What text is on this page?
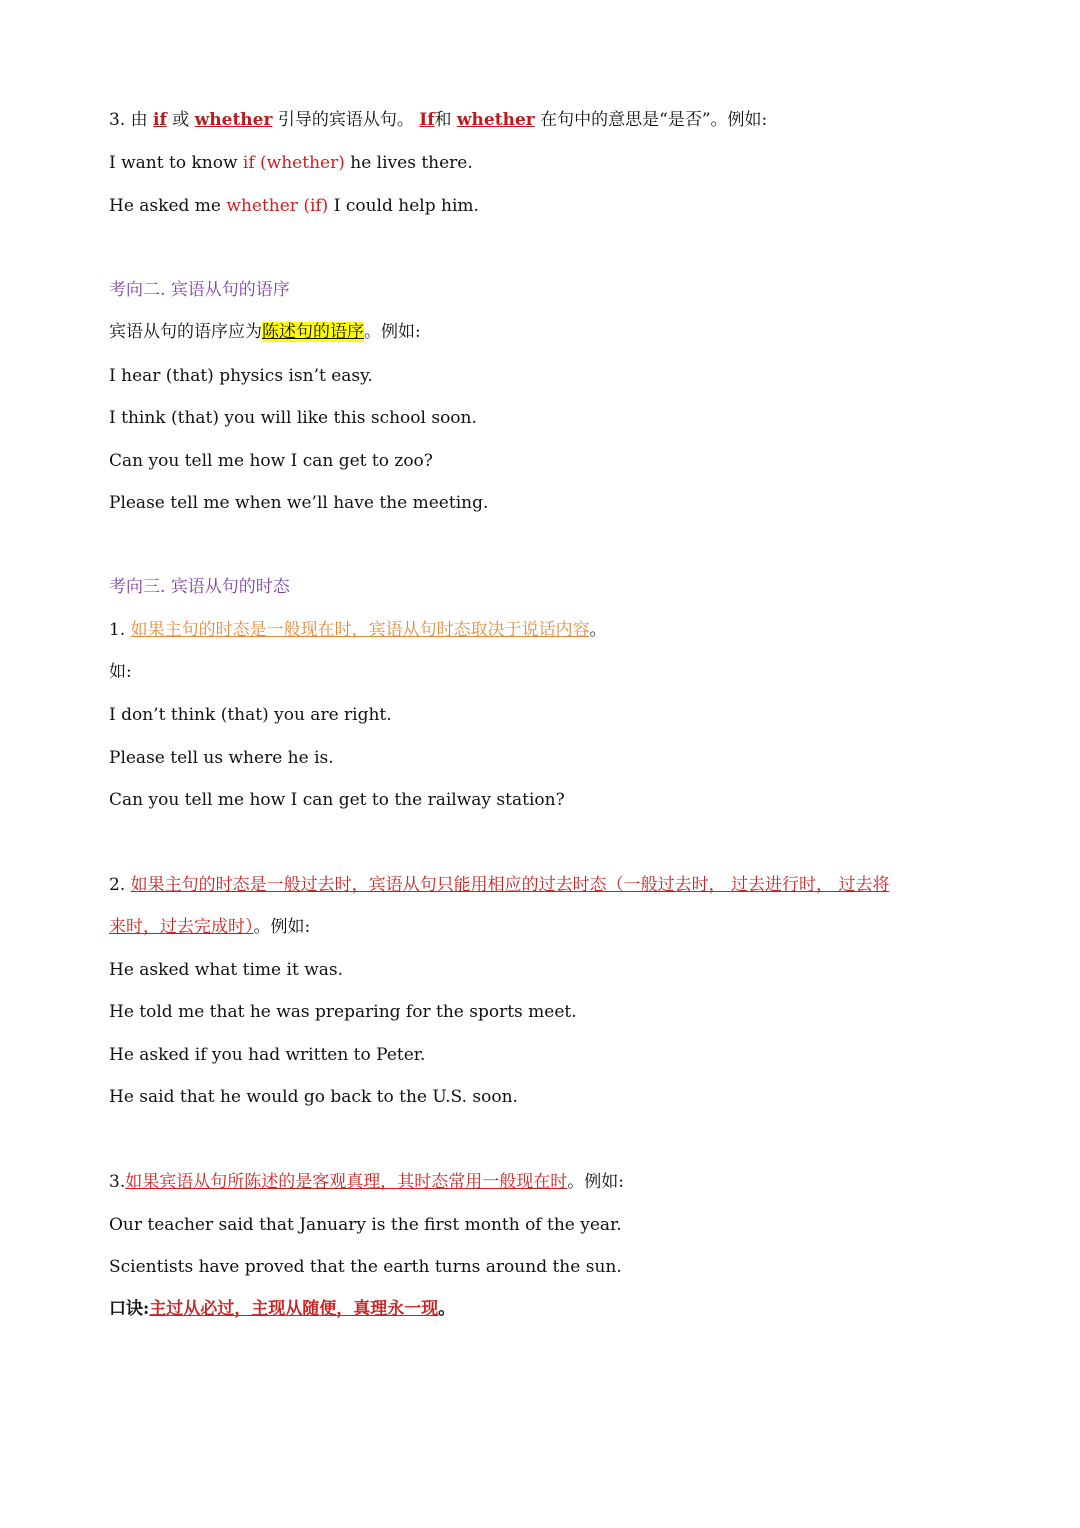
3. 由 if 或 whether 引导的宾语从句。 If和 whether 在句中的意思是“是否”。例如:
I want to know if (whether) he lives there.
He asked me whether (if) I could help him.
考向二. 宾语从句的语序
宾语从句的语序应为陈述句的语序。例如:
I hear (that) physics isn’t easy.
I think (that) you will like this school soon.
Can you tell me how I can get to zoo?
Please tell me when we’ll have the meeting.
考向三. 宾语从句的时态
1. 如果主句的时态是一般现在时，宾语从句时态取决于说话内容。
如:
I don’t think (that) you are right.
Please tell us where he is.
Can you tell me how I can get to the railway station?
2. 如果主句的时态是一般过去时，宾语从句只能用相应的过去时态（一般过去时， 过去进行时， 过去将
来时，过去完成时）。例如:
He asked what time it was.
He told me that he was preparing for the sports meet.
He asked if you had written to Peter.
He said that he would go back to the U.S. soon.
3.如果宾语从句所陈述的是客观真理，其时态常用一般现在时。例如:
Our teacher said that January is the first month of the year.
Scientists have proved that the earth turns around the sun.
口诀:主过从必过，主现从随便，真理永一现。
